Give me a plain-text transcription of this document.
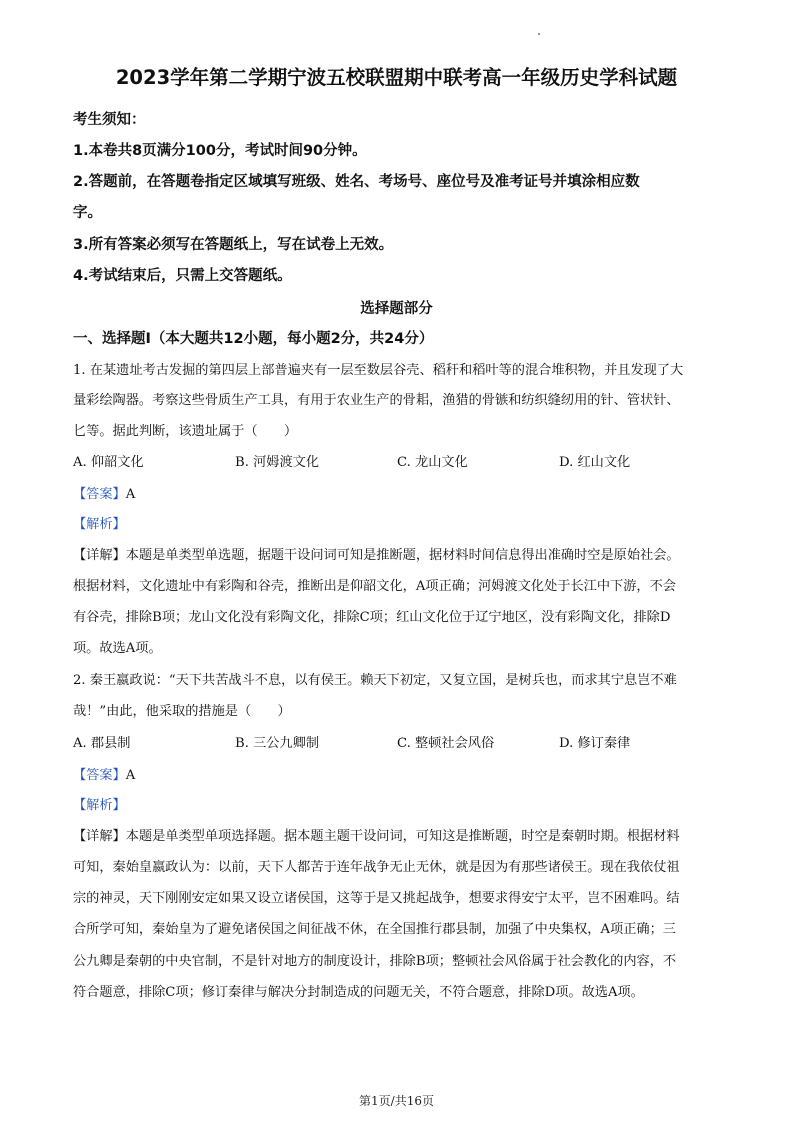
2023学年第二学期宁波五校联盟期中联考高一年级历史学科试题
考生须知：
1.本卷共8页满分100分，考试时间90分钟。
2.答题前，在答题卷指定区域填写班级、姓名、考场号、座位号及准考证号并填涂相应数
字。
3.所有答案必须写在答题纸上，写在试卷上无效。
4.考试结束后，只需上交答题纸。
选择题部分
一、选择题Ⅰ（本大题共12小题，每小题2分，共24分）
1. 在某遗址考古发掘的第四层上部普遍夹有一层至数层谷壳、稻秆和稻叶等的混合堆积物，并且发现了大
量彩绘陶器。考察这些骨质生产工具，有用于农业生产的骨耜，渔猎的骨镞和纺织缝纫用的针、管状针、
匕等。据此判断，该遗址属于（　　）
A. 仰韶文化	B. 河姆渡文化	C. 龙山文化	D. 红山文化
【答案】A
【解析】
【详解】本题是单类型单选题，据题干设问词可知是推断题，据材料时间信息得出准确时空是原始社会。
根据材料，文化遗址中有彩陶和谷壳，推断出是仰韶文化，A项正确；河姆渡文化处于长江中下游，不会
有谷壳，排除B项；龙山文化没有彩陶文化，排除C项；红山文化位于辽宁地区，没有彩陶文化，排除D
项。故选A项。
2. 秦王嬴政说：“天下共苦战斗不息，以有侯王。赖天下初定，又复立国，是树兵也，而求其宁息岂不难
哉！”由此，他采取的措施是（　　）
A. 郡县制	B. 三公九卿制	C. 整顿社会风俗	D. 修订秦律
【答案】A
【解析】
【详解】本题是单类型单项选择题。据本题主题干设问词，可知这是推断题，时空是秦朝时期。根据材料
可知，秦始皇嬴政认为：以前，天下人都苦于连年战争无止无休，就是因为有那些诸侯王。现在我依仗祖
宗的神灵，天下刚刚安定如果又设立诸侯国，这等于是又挑起战争，想要求得安宁太平，岂不困难吗。结
合所学可知，秦始皇为了避免诸侯国之间征战不休，在全国推行郡县制，加强了中央集权，A项正确；三
公九卿是秦朝的中央官制，不是针对地方的制度设计，排除B项；整顿社会风俗属于社会教化的内容，不
符合题意，排除C项；修订秦律与解决分封制造成的问题无关，不符合题意，排除D项。故选A项。
第1页/共16页
